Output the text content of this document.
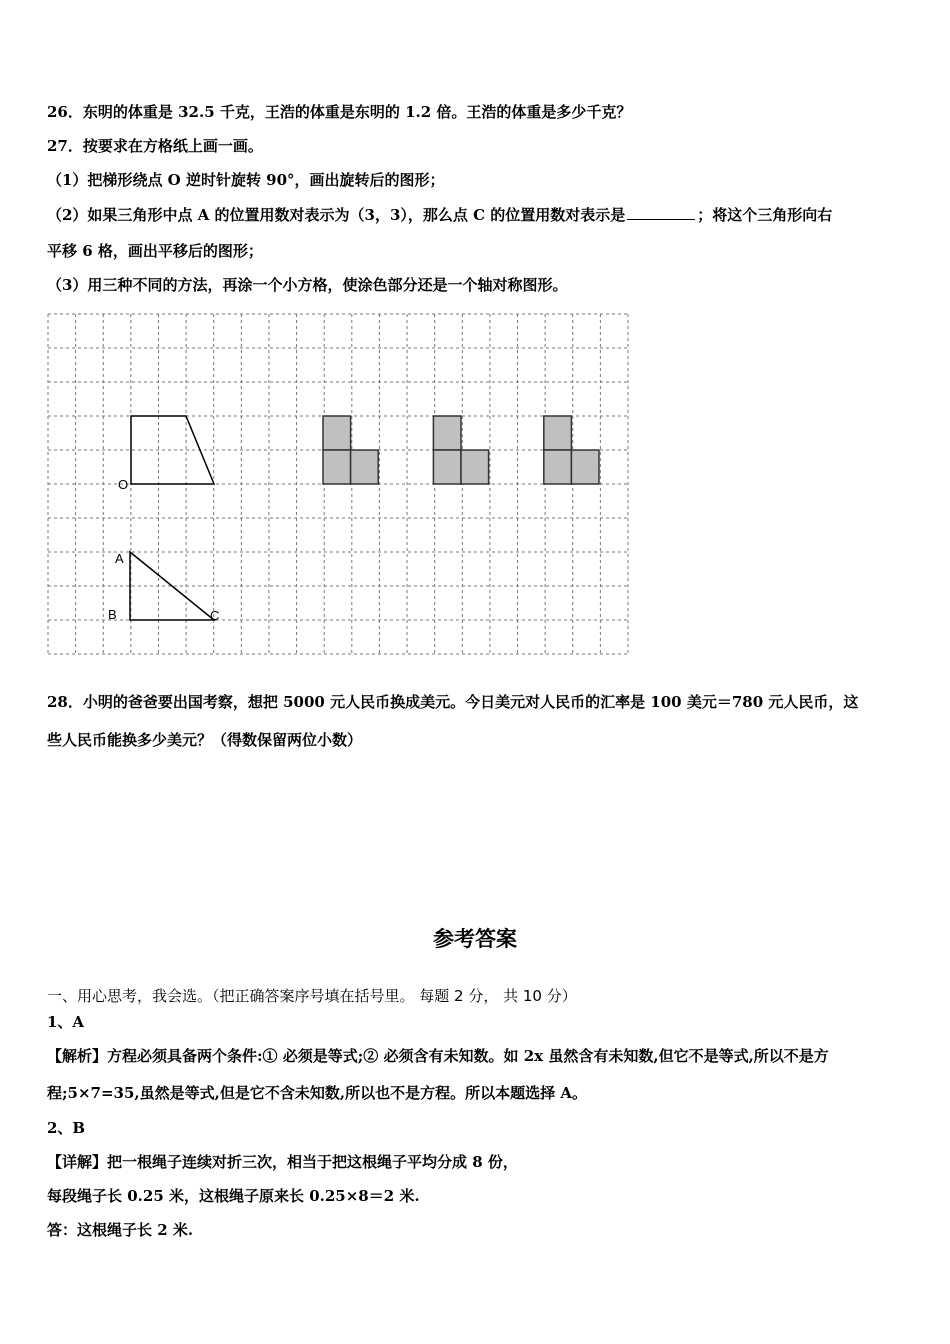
26．东明的体重是 32.5 千克，王浩的体重是东明的 1.2 倍。王浩的体重是多少千克？
27．按要求在方格纸上画一画。
（1）把梯形绕点 O 逆时针旋转 90°，画出旋转后的图形；
（2）如果三角形中点 A 的位置用数对表示为（3，3），那么点 C 的位置用数对表示是	；将这个三角形向右
平移 6 格，画出平移后的图形；
（3）用三种不同的方法，再涂一个小方格，使涂色部分还是一个轴对称图形。
O
A
B	C
28．小明的爸爸要出国考察，想把 5000 元人民币换成美元。今日美元对人民币的汇率是 100 美元＝780 元人民币，这
些人民币能换多少美元？（得数保留两位小数）
参考答案
一、用心思考，我会选。（把正确答案序号填在括号里。 每题 2 分， 共 10 分）
1、A
【解析】方程必须具备两个条件:① 必须是等式;② 必须含有未知数。如 2x 虽然含有未知数,但它不是等式,所以不是方
程;5×7=35,虽然是等式,但是它不含未知数,所以也不是方程。所以本题选择 A。
2、B
【详解】把一根绳子连续对折三次，相当于把这根绳子平均分成 8 份，
每段绳子长 0.25 米，这根绳子原来长 0.25×8＝2 米.
答：这根绳子长 2 米.
